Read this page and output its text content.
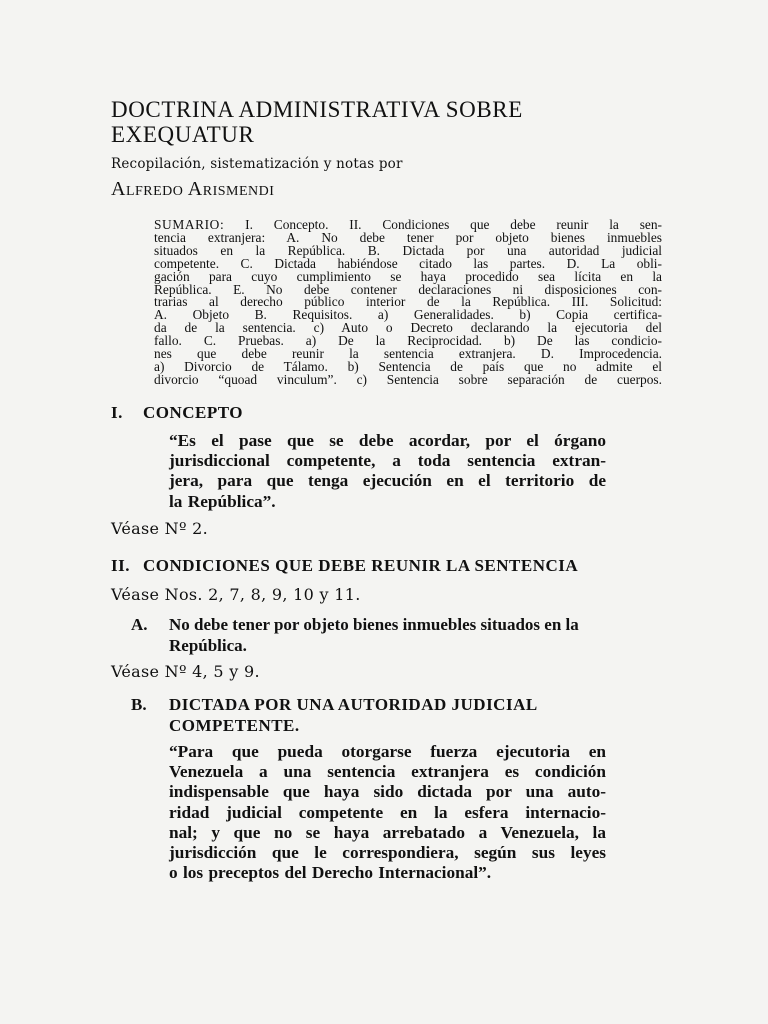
DOCTRINA ADMINISTRATIVA SOBRE
EXEQUATUR
Recopilación, sistematización y notas por
Alfredo Arismendi
SUMARIO: I. Concepto. II. Condiciones que debe reunir la sen-
tencia extranjera: A. No debe tener por objeto bienes inmuebles
situados en la República. B. Dictada por una autoridad judicial
competente. C. Dictada habiéndose citado las partes. D. La obli-
gación para cuyo cumplimiento se haya procedido sea lícita en la
República. E. No debe contener declaraciones ni disposiciones con-
trarias al derecho público interior de la República. III. Solicitud:
A. Objeto B. Requisitos. a) Generalidades. b) Copia certifica-
da de la sentencia. c) Auto o Decreto declarando la ejecutoria del
fallo. C. Pruebas. a) De la Reciprocidad. b) De las condicio-
nes que debe reunir la sentencia extranjera. D. Improcedencia.
a) Divorcio de Tálamo. b) Sentencia de país que no admite el
divorcio “quoad vinculum”. c) Sentencia sobre separación de cuerpos.
I. CONCEPTO
“Es el pase que se debe acordar, por el órgano
jurisdiccional competente, a toda sentencia extran-
jera, para que tenga ejecución en el territorio de
la República”.
Véase Nº 2.
II. CONDICIONES QUE DEBE REUNIR LA SENTENCIA
Véase Nos. 2, 7, 8, 9, 10 y 11.
A. No debe tener por objeto bienes inmuebles situados en la
República.
Véase Nº 4, 5 y 9.
B. DICTADA POR UNA AUTORIDAD JUDICIAL
COMPETENTE.
“Para que pueda otorgarse fuerza ejecutoria en
Venezuela a una sentencia extranjera es condición
indispensable que haya sido dictada por una auto-
ridad judicial competente en la esfera internacio-
nal; y que no se haya arrebatado a Venezuela, la
jurisdicción que le correspondiera, según sus leyes
o los preceptos del Derecho Internacional”.
